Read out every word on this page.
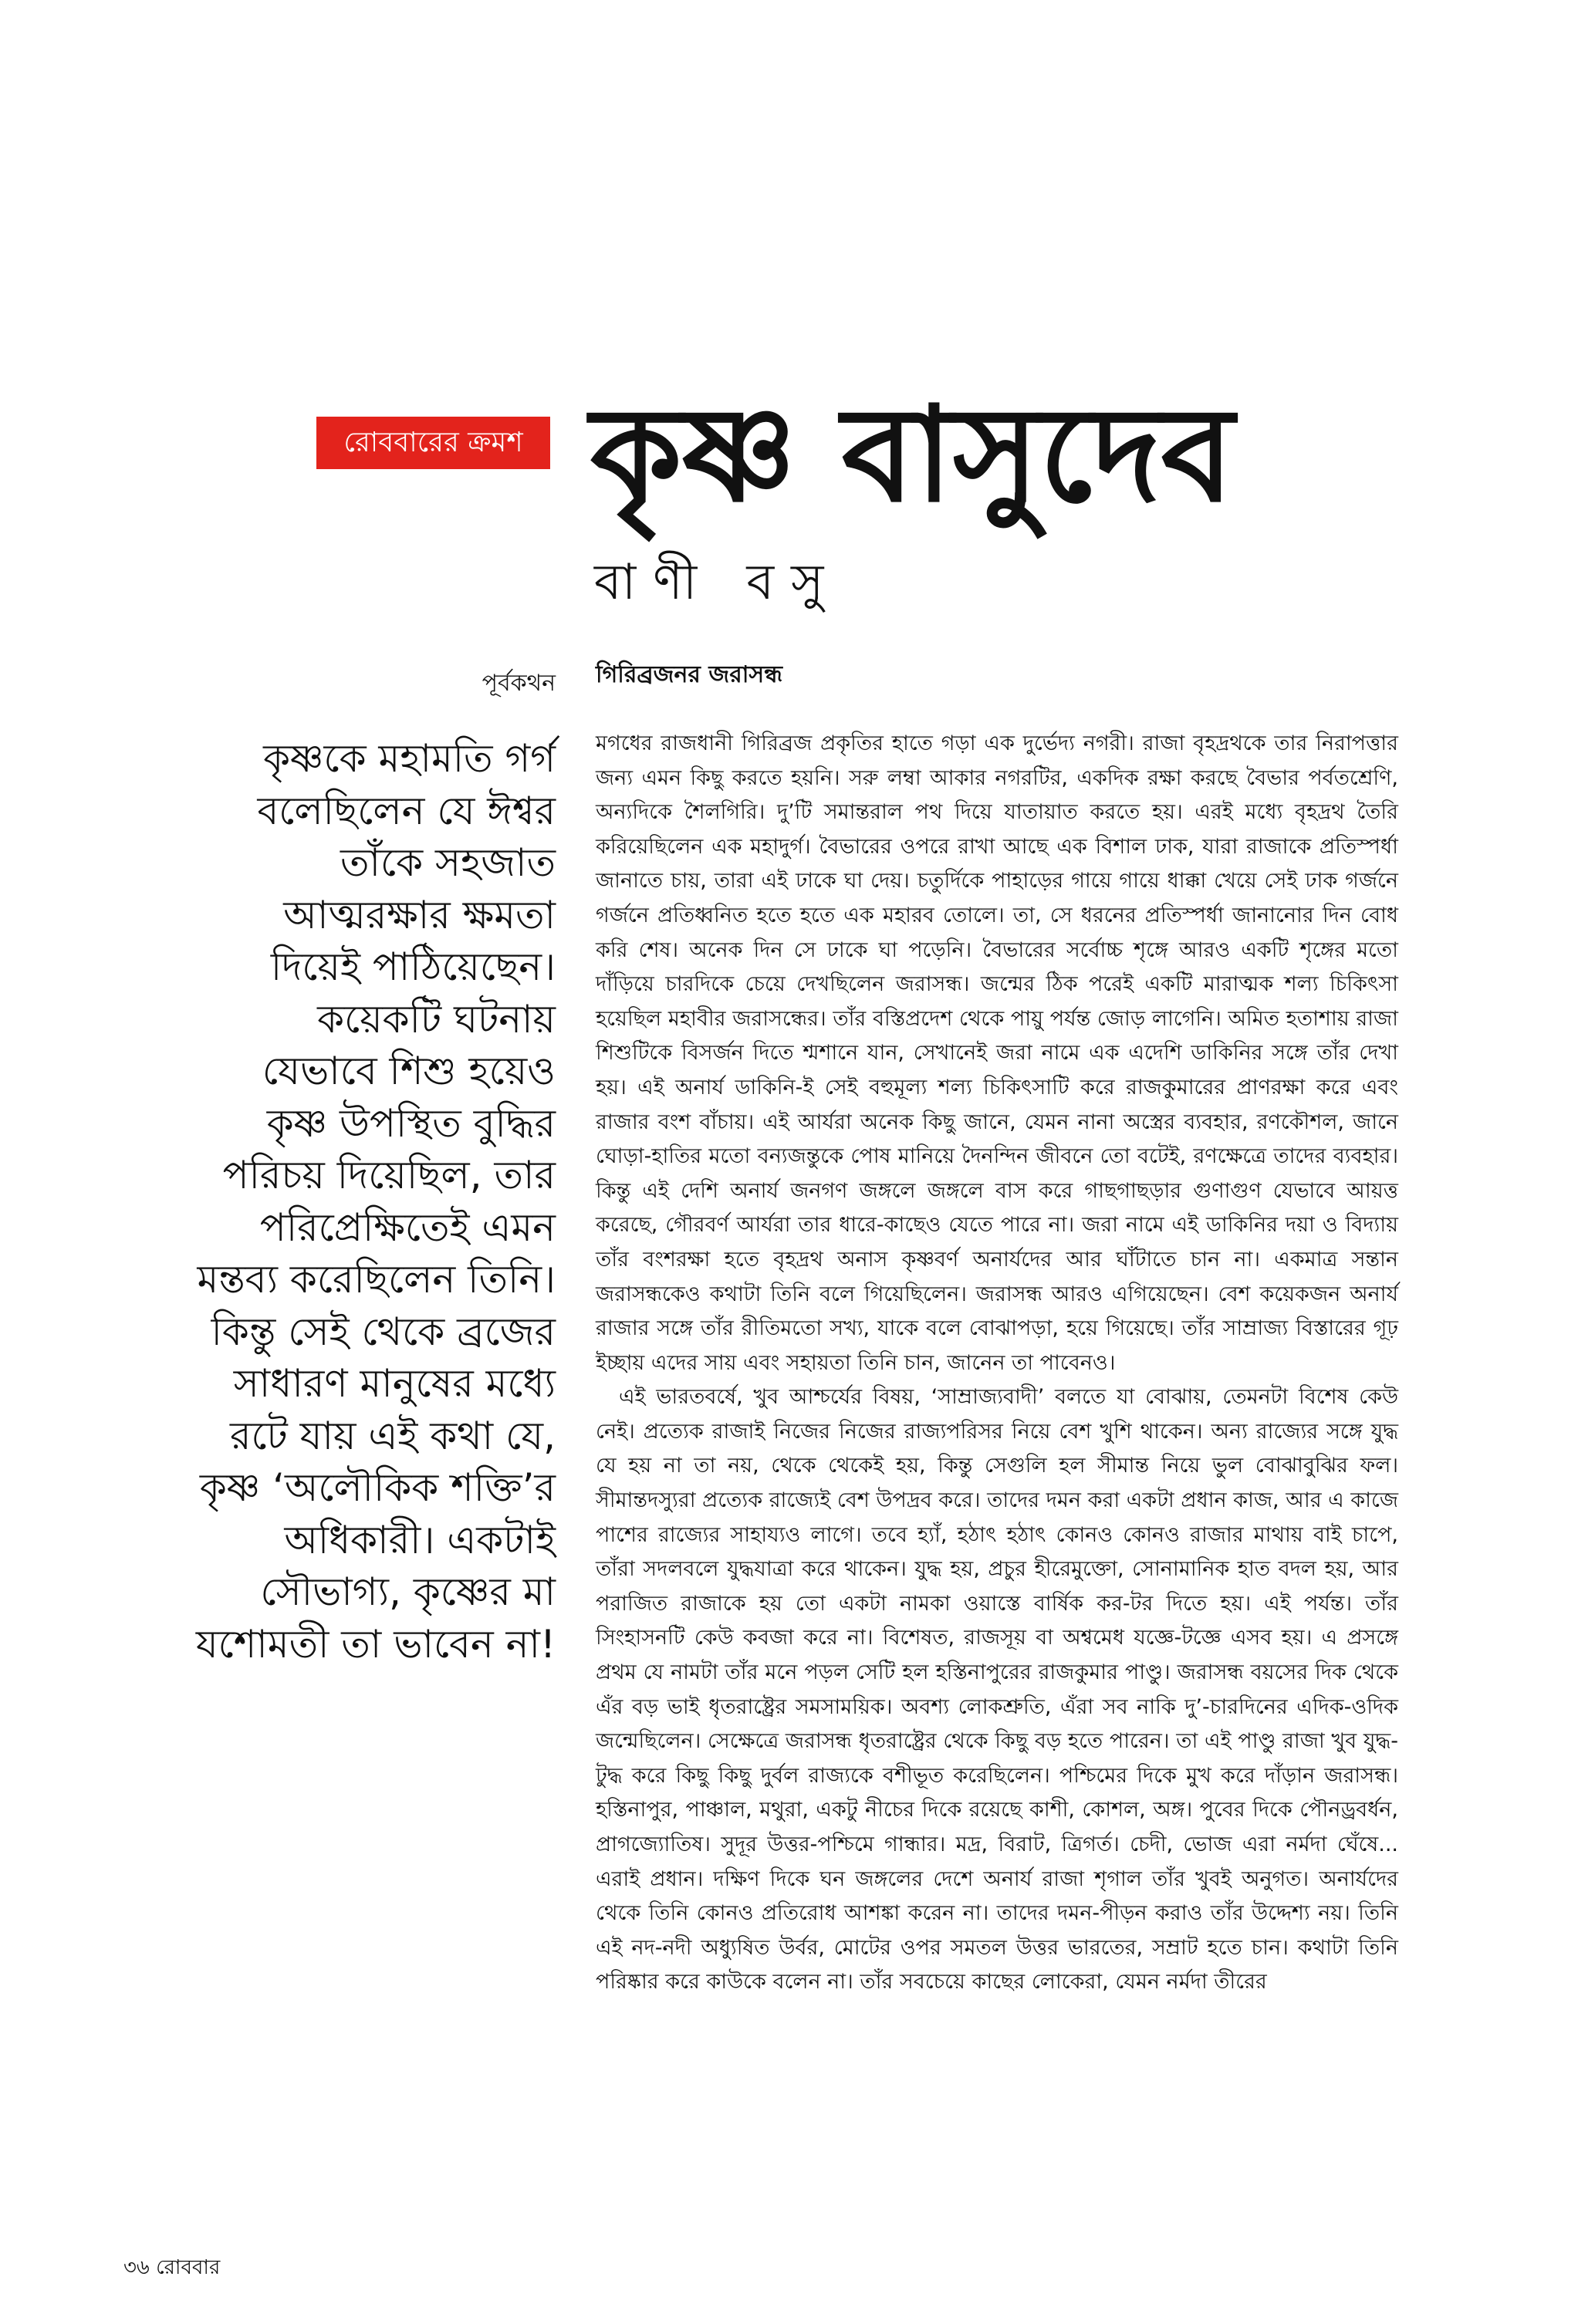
রোববারের ক্রমশ কৃষ্ণ বাসুদেব
বাণী বসু
পূর্বকথন
কৃষ্ণকে মহামতি গর্গ
বলেছিলেন যে ঈশ্বর
তাঁকে সহজাত
আত্মরক্ষার ক্ষমতা
দিয়েই পাঠিয়েছেন।
কয়েকটি ঘটনায়
যেভাবে শিশু হয়েও
কৃষ্ণ উপস্থিত বুদ্ধির
পরিচয় দিয়েছিল, তার
পরিপ্রেক্ষিতেই এমন
মন্তব্য করেছিলেন তিনি।
কিন্তু সেই থেকে ব্রজের
সাধারণ মানুষের মধ্যে
রটে যায় এই কথা যে,
কৃষ্ণ ‘অলৌকিক শক্তি’র
অধিকারী। একটাই
সৌভাগ্য, কৃষ্ণের মা
যশোমতী তা ভাবেন না!
গিরিব্রজনর জরাসন্ধ

মগধের রাজধানী গিরিব্রজ প্রকৃতির হাতে গড়া এক দুর্ভেদ্য নগরী। রাজা বৃহদ্রথকে তার নিরাপত্তার জন্য এমন কিছু করতে হয়নি। সরু লম্বা আকার নগরটির, একদিক রক্ষা করছে বৈভার পর্বতশ্রেণি, অন্যদিকে শৈলগিরি। দু’টি সমান্তরাল পথ দিয়ে যাতায়াত করতে হয়। এরই মধ্যে বৃহদ্রথ তৈরি করিয়েছিলেন এক মহাদুর্গ। বৈভারের ওপরে রাখা আছে এক বিশাল ঢাক, যারা রাজাকে প্রতিস্পর্ধা জানাতে চায়, তারা এই ঢাকে ঘা দেয়। চতুর্দিকে পাহাড়ের গায়ে গায়ে ধাক্কা খেয়ে সেই ঢাক গর্জনে গর্জনে প্রতিধ্বনিত হতে হতে এক মহারব তোলে। তা, সে ধরনের প্রতিস্পর্ধা জানানোর দিন বোধ করি শেষ। অনেক দিন সে ঢাকে ঘা পড়েনি। বৈভারের সর্বোচ্চ শৃঙ্গে আরও একটি শৃঙ্গের মতো দাঁড়িয়ে চারদিকে চেয়ে দেখছিলেন জরাসন্ধ। জন্মের ঠিক পরেই একটি মারাত্মক শল্য চিকিৎসা হয়েছিল মহাবীর জরাসন্ধের। তাঁর বস্তিপ্রদেশ থেকে পায়ু পর্যন্ত জোড় লাগেনি। অমিত হতাশায় রাজা শিশুটিকে বিসর্জন দিতে শ্মশানে যান, সেখানেই জরা নামে এক এদেশি ডাকিনির সঙ্গে তাঁর দেখা হয়। এই অনার্য ডাকিনি-ই সেই বহুমূল্য শল্য চিকিৎসাটি করে রাজকুমারের প্রাণরক্ষা করে এবং রাজার বংশ বাঁচায়। এই আর্যরা অনেক কিছু জানে, যেমন নানা অস্ত্রের ব্যবহার, রণকৌশল, জানে ঘোড়া-হাতির মতো বন্যজন্তুকে পোষ মানিয়ে দৈনন্দিন জীবনে তো বটেই, রণক্ষেত্রে তাদের ব্যবহার। কিন্তু এই দেশি অনার্য জনগণ জঙ্গলে জঙ্গলে বাস করে গাছগাছড়ার গুণাগুণ যেভাবে আয়ত্ত করেছে, গৌরবর্ণ আর্যরা তার ধারে-কাছেও যেতে পারে না। জরা নামে এই ডাকিনির দয়া ও বিদ্যায় তাঁর বংশরক্ষা হতে বৃহদ্রথ অনাস কৃষ্ণবর্ণ অনার্যদের আর ঘাঁটাতে চান না। একমাত্র সন্তান জরাসন্ধকেও কথাটা তিনি বলে গিয়েছিলেন। জরাসন্ধ আরও এগিয়েছেন। বেশ কয়েকজন অনার্য রাজার সঙ্গে তাঁর রীতিমতো সখ্য, যাকে বলে বোঝাপড়া, হয়ে গিয়েছে। তাঁর সাম্রাজ্য বিস্তারের গূঢ় ইচ্ছায় এদের সায় এবং সহায়তা তিনি চান, জানেন তা পাবেনও।

এই ভারতবর্ষে, খুব আশ্চর্যের বিষয়, ‘সাম্রাজ্যবাদী’ বলতে যা বোঝায়, তেমনটা বিশেষ কেউ নেই। প্রত্যেক রাজাই নিজের নিজের রাজ্যপরিসর নিয়ে বেশ খুশি থাকেন। অন্য রাজ্যের সঙ্গে যুদ্ধ যে হয় না তা নয়, থেকে থেকেই হয়, কিন্তু সেগুলি হল সীমান্ত নিয়ে ভুল বোঝাবুঝির ফল। সীমান্তদস্যুরা প্রত্যেক রাজ্যেই বেশ উপদ্রব করে। তাদের দমন করা একটা প্রধান কাজ, আর এ কাজে পাশের রাজ্যের সাহায্যও লাগে। তবে হ্যাঁ, হঠাৎ হঠাৎ কোনও কোনও রাজার মাথায় বাই চাপে, তাঁরা সদলবলে যুদ্ধযাত্রা করে থাকেন। যুদ্ধ হয়, প্রচুর হীরেমুক্তো, সোনামানিক হাত বদল হয়, আর পরাজিত রাজাকে হয় তো একটা নামকা ওয়াস্তে বার্ষিক কর-টর দিতে হয়। এই পর্যন্ত। তাঁর সিংহাসনটি কেউ কবজা করে না। বিশেষত, রাজসূয় বা অশ্বমেধ যজ্ঞে-টজ্ঞে এসব হয়। এ প্রসঙ্গে প্রথম যে নামটা তাঁর মনে পড়ল সেটি হল হস্তিনাপুরের রাজকুমার পাণ্ডু। জরাসন্ধ বয়সের দিক থেকে এঁর বড় ভাই ধৃতরাষ্ট্রের সমসাময়িক। অবশ্য লোকশ্রুতি, এঁরা সব নাকি দু’-চারদিনের এদিক-ওদিক জন্মেছিলেন। সেক্ষেত্রে জরাসন্ধ ধৃতরাষ্ট্রের থেকে কিছু বড় হতে পারেন। তা এই পাণ্ডু রাজা খুব যুদ্ধ-টুদ্ধ করে কিছু কিছু দুর্বল রাজ্যকে বশীভূত করেছিলেন। পশ্চিমের দিকে মুখ করে দাঁড়ান জরাসন্ধ। হস্তিনাপুর, পাঞ্চাল, মথুরা, একটু নীচের দিকে রয়েছে কাশী, কোশল, অঙ্গ। পুবের দিকে পৌনড্রবর্ধন, প্রাগজ্যোতিষ। সুদূর উত্তর-পশ্চিমে গান্ধার। মদ্র, বিরাট, ত্রিগর্ত। চেদী, ভোজ এরা নর্মদা ঘেঁষে... এরাই প্রধান। দক্ষিণ দিকে ঘন জঙ্গলের দেশে অনার্য রাজা শৃগাল তাঁর খুবই অনুগত। অনার্যদের থেকে তিনি কোনও প্রতিরোধ আশঙ্কা করেন না। তাদের দমন-পীড়ন করাও তাঁর উদ্দেশ্য নয়। তিনি এই নদ-নদী অধ্যুষিত উর্বর, মোটের ওপর সমতল উত্তর ভারতের, সম্রাট হতে চান। কথাটা তিনি পরিষ্কার করে কাউকে বলেন না। তাঁর সবচেয়ে কাছের লোকেরা, যেমন নর্মদা তীরের

৩৬ রোববার
